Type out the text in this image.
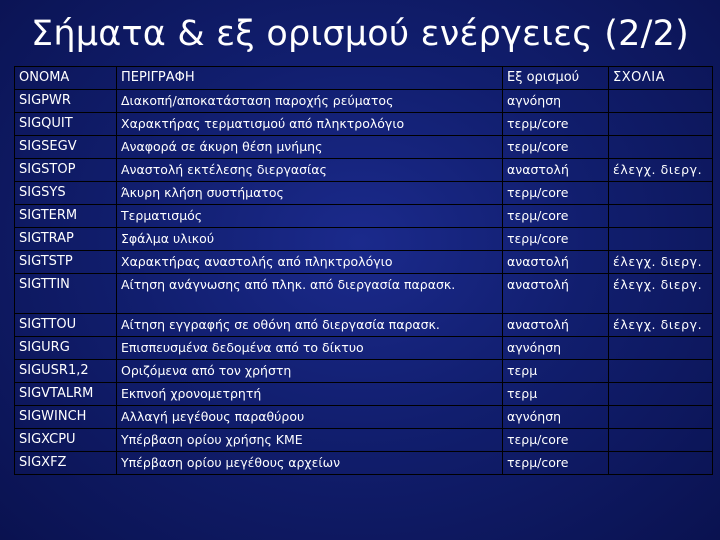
Σήματα & εξ ορισμού ενέργειες (2/2)
ΟΝΟΜΑ	ΠΕΡΙΓΡΑΦΗ	Εξ ορισμού	ΣΧΟΛΙΑ
SIGPWR	Διακοπή/αποκατάσταση παροχής ρεύματος	αγνόηση	
SIGQUIT	Χαρακτήρας τερματισμού από πληκτρολόγιο	τερμ/core	
SIGSEGV	Αναφορά σε άκυρη θέση μνήμης	τερμ/core	
SIGSTOP	Αναστολή εκτέλεσης διεργασίας	αναστολή	έλεγχ. διεργ.
SIGSYS	Άκυρη κλήση συστήματος	τερμ/core	
SIGTERM	Τερματισμός	τερμ/core	
SIGTRAP	Σφάλμα υλικού	τερμ/core	
SIGTSTP	Χαρακτήρας αναστολής από πληκτρολόγιο	αναστολή	έλεγχ. διεργ.
SIGTTIN	Αίτηση ανάγνωσης από πληκ. από διεργασία παρασκ.	αναστολή	έλεγχ. διεργ.
SIGTTOU	Αίτηση εγγραφής σε οθόνη από διεργασία παρασκ.	αναστολή	έλεγχ. διεργ.
SIGURG	Επισπευσμένα δεδομένα από το δίκτυο	αγνόηση	
SIGUSR1,2	Οριζόμενα από τον χρήστη	τερμ	
SIGVTALRM	Εκπνοή χρονομετρητή	τερμ	
SIGWINCH	Αλλαγή μεγέθους παραθύρου	αγνόηση	
SIGXCPU	Υπέρβαση ορίου χρήσης ΚΜΕ	τερμ/core	
SIGXFZ	Υπέρβαση ορίου μεγέθους αρχείων	τερμ/core	
